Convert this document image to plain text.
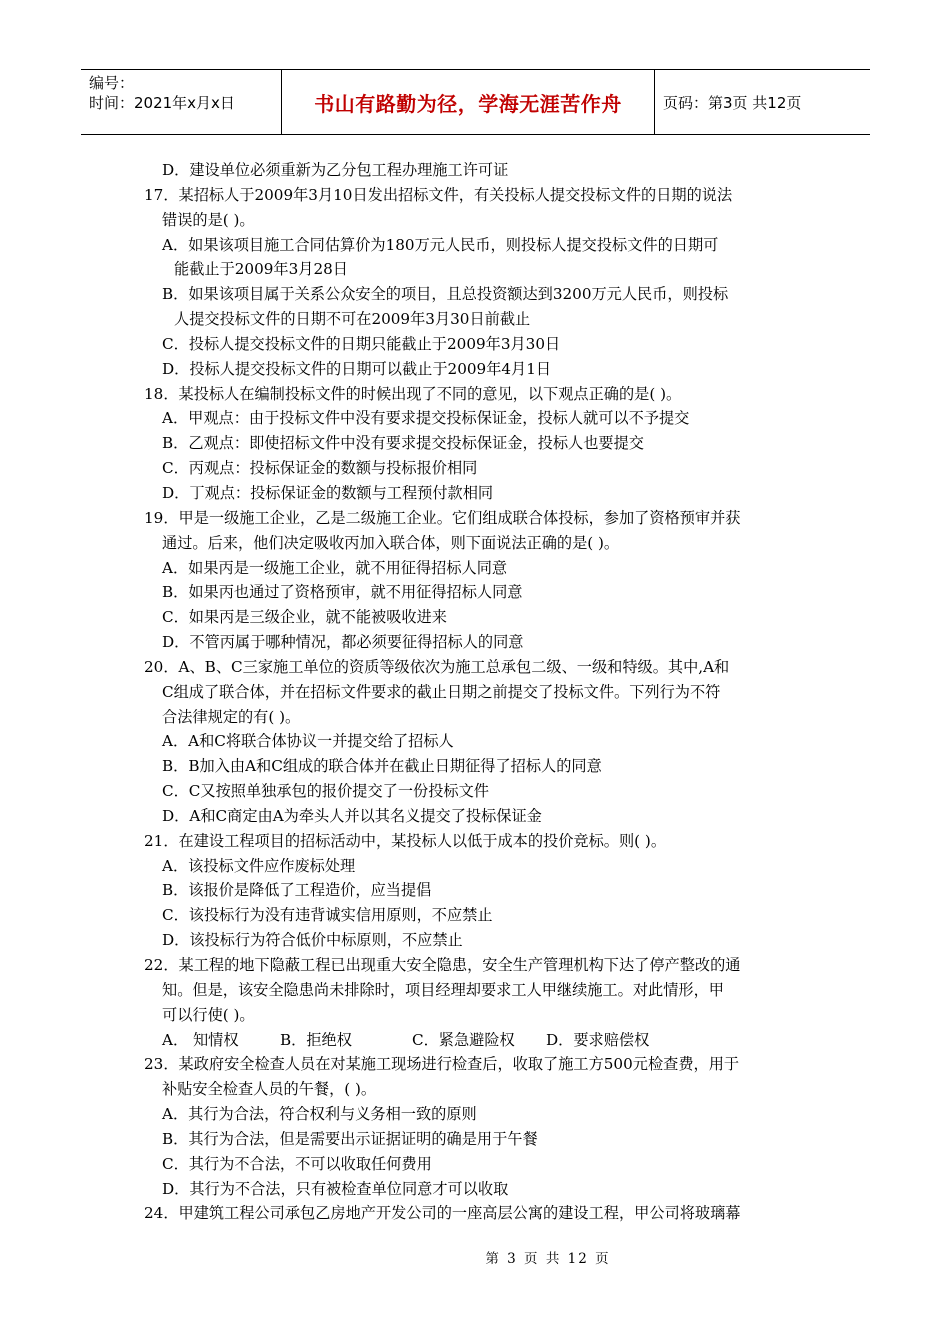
编号：
时间：2021年x月x日	书山有路勤为径，学海无涯苦作舟	页码：第3页 共12页
D．建设单位必须重新为乙分包工程办理施工许可证
17．某招标人于2009年3月10日发出招标文件，有关投标人提交投标文件的日期的说法
错误的是( )。
A．如果该项目施工合同估算价为180万元人民币，则投标人提交投标文件的日期可
能截止于2009年3月28日
B．如果该项目属于关系公众安全的项目，且总投资额达到3200万元人民币，则投标
人提交投标文件的日期不可在2009年3月30日前截止
C．投标人提交投标文件的日期只能截止于2009年3月30日
D．投标人提交投标文件的日期可以截止于2009年4月1日
18．某投标人在编制投标文件的时候出现了不同的意见，以下观点正确的是( )。
A．甲观点：由于投标文件中没有要求提交投标保证金，投标人就可以不予提交
B．乙观点：即使招标文件中没有要求提交投标保证金，投标人也要提交
C．丙观点：投标保证金的数额与投标报价相同
D．丁观点：投标保证金的数额与工程预付款相同
19．甲是一级施工企业，乙是二级施工企业。它们组成联合体投标，参加了资格预审并获
通过。后来，他们决定吸收丙加入联合体，则下面说法正确的是( )。
A．如果丙是一级施工企业，就不用征得招标人同意
B．如果丙也通过了资格预审，就不用征得招标人同意
C．如果丙是三级企业，就不能被吸收进来
D．不管丙属于哪种情况，都必须要征得招标人的同意
20．A、B、C三家施工单位的资质等级依次为施工总承包二级、一级和特级。其中,A和
C组成了联合体，并在招标文件要求的截止日期之前提交了投标文件。下列行为不符
合法律规定的有( )。
A．A和C将联合体协议一并提交给了招标人
B．B加入由A和C组成的联合体并在截止日期征得了招标人的同意
C．C又按照单独承包的报价提交了一份投标文件
D．A和C商定由A为牵头人并以其名义提交了投标保证金
21．在建设工程项目的招标活动中，某投标人以低于成本的投价竞标。则( )。
A．该投标文件应作废标处理
B．该报价是降低了工程造价，应当提倡
C．该投标行为没有违背诚实信用原则，不应禁止
D．该投标行为符合低价中标原则，不应禁止
22．某工程的地下隐蔽工程已出现重大安全隐患，安全生产管理机构下达了停产整改的通
知。但是，该安全隐患尚未排除时，项目经理却要求工人甲继续施工。对此情形，甲
可以行使( )。
A． 知情权	B．拒绝权	C．紧急避险权 D．要求赔偿权
23．某政府安全检查人员在对某施工现场进行检查后，收取了施工方500元检查费，用于
补贴安全检查人员的午餐，( )。
A．其行为合法，符合权利与义务相一致的原则
B．其行为合法，但是需要出示证据证明的确是用于午餐
C．其行为不合法，不可以收取任何费用
D．其行为不合法，只有被检查单位同意才可以收取
24．甲建筑工程公司承包乙房地产开发公司的一座高层公寓的建设工程，甲公司将玻璃幕
第 3 页 共 12 页
